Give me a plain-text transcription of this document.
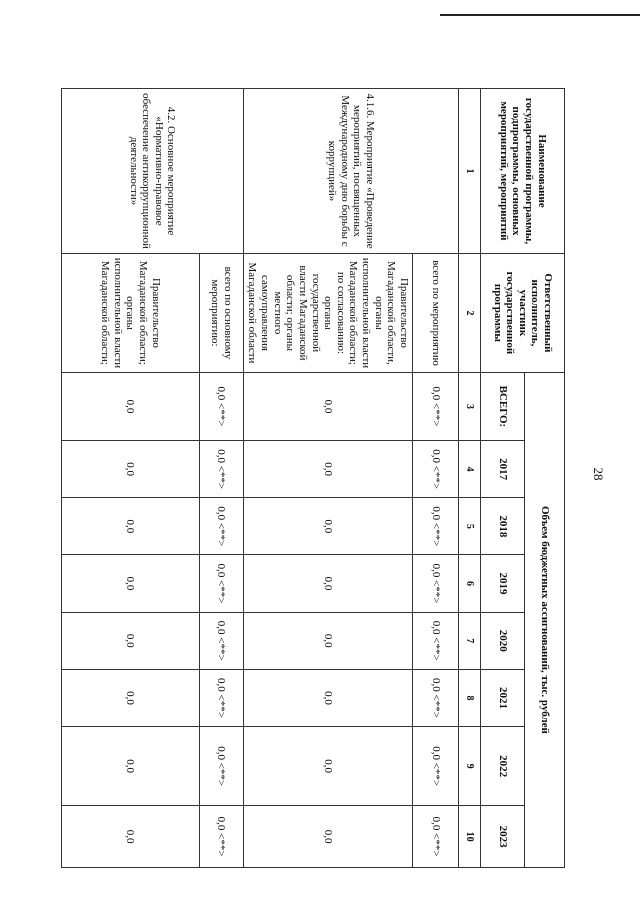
28
Наименование государственной программы, подпрограммы, основных мероприятий, мероприятий	Ответственный исполнитель, участник государственной программы	Объем бюджетных ассигнований, тыс. рублей							
		ВСЕГО:	2017	2018	2019	2020	2021	2022	2023
1	2	3	4	5	6	7	8	9	10
4.1.6. Мероприятие «Проведение мероприятий, посвященных Международному дню борьбы с коррупцией»	всего по мероприятию	0,0 <**>	0,0 <**>	0,0 <**>	0,0 <**>	0,0 <**>	0,0 <**>	0,0 <**>	0,0 <**>
	Правительство Магаданской области, органы исполнительной власти Магаданской области; по согласованию: органы государственной власти Магаданской области; органы местного самоуправления Магаданской области	0,0	0,0	0,0	0,0	0,0	0,0	0,0	0,0
4.2. Основное мероприятие «Нормативно-правовое обеспечение антикоррупционной деятельности»	всего по основному мероприятию:	0,0 <**>	0,0 <**>	0,0 <**>	0,0 <**>	0,0 <**>	0,0 <**>	0,0 <**>	0,0 <**>
	Правительство Магаданской области; органы исполнительной власти Магаданской области;	0,0	0,0	0,0	0,0	0,0	0,0	0,0	0,0
